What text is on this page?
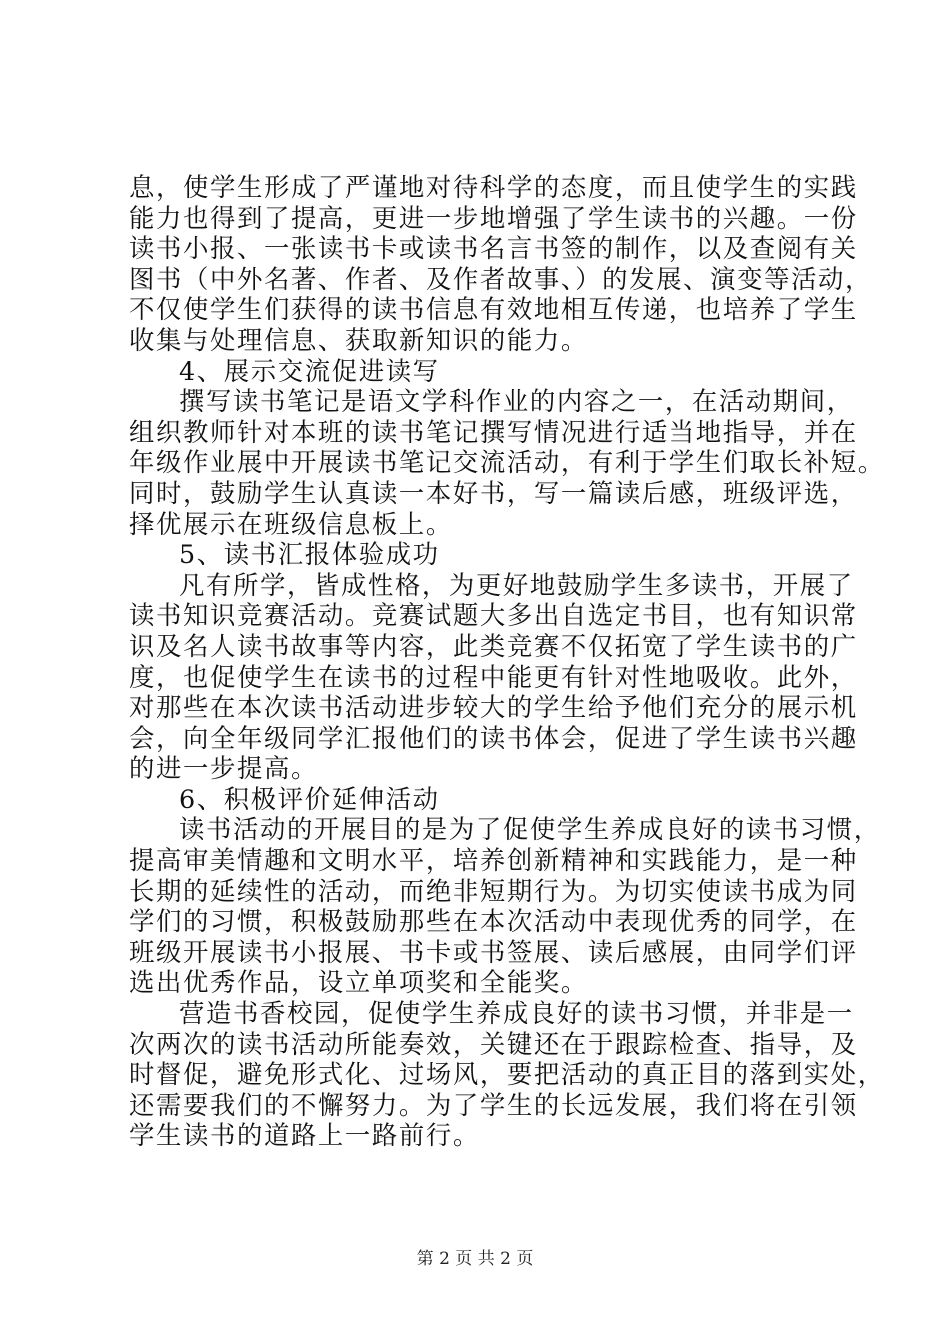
息，使学生形成了严谨地对待科学的态度，而且使学生的实践
能力也得到了提高，更进一步地增强了学生读书的兴趣。一份
读书小报、一张读书卡或读书名言书签的制作，以及查阅有关
图书（中外名著、作者、及作者故事、）的发展、演变等活动，
不仅使学生们获得的读书信息有效地相互传递，也培养了学生
收集与处理信息、获取新知识的能力。
4、展示交流促进读写
撰写读书笔记是语文学科作业的内容之一，在活动期间，
组织教师针对本班的读书笔记撰写情况进行适当地指导，并在
年级作业展中开展读书笔记交流活动，有利于学生们取长补短。
同时，鼓励学生认真读一本好书，写一篇读后感，班级评选，
择优展示在班级信息板上。
5、读书汇报体验成功
凡有所学，皆成性格，为更好地鼓励学生多读书，开展了
读书知识竞赛活动。竞赛试题大多出自选定书目，也有知识常
识及名人读书故事等内容，此类竞赛不仅拓宽了学生读书的广
度，也促使学生在读书的过程中能更有针对性地吸收。此外，
对那些在本次读书活动进步较大的学生给予他们充分的展示机
会，向全年级同学汇报他们的读书体会，促进了学生读书兴趣
的进一步提高。
6、积极评价延伸活动
读书活动的开展目的是为了促使学生养成良好的读书习惯，
提高审美情趣和文明水平，培养创新精神和实践能力，是一种
长期的延续性的活动，而绝非短期行为。为切实使读书成为同
学们的习惯，积极鼓励那些在本次活动中表现优秀的同学，在
班级开展读书小报展、书卡或书签展、读后感展，由同学们评
选出优秀作品，设立单项奖和全能奖。
营造书香校园，促使学生养成良好的读书习惯，并非是一
次两次的读书活动所能奏效，关键还在于跟踪检查、指导，及
时督促，避免形式化、过场风，要把活动的真正目的落到实处，
还需要我们的不懈努力。为了学生的长远发展，我们将在引领
学生读书的道路上一路前行。
第 2 页 共 2 页
